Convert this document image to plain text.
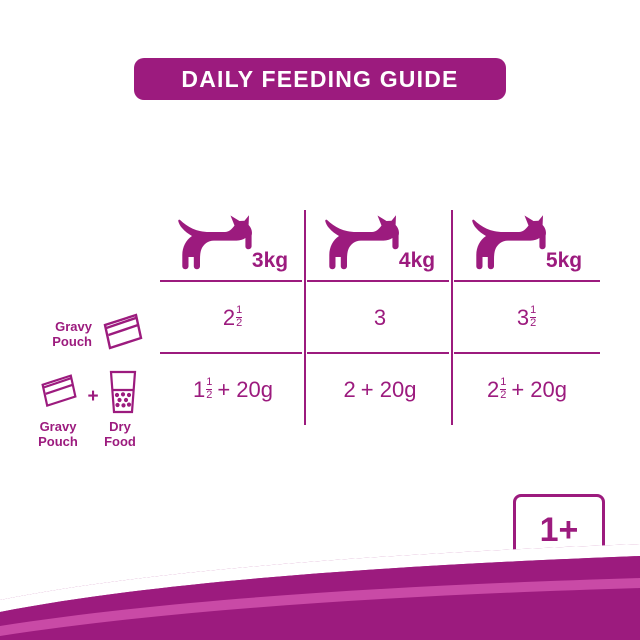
DAILY FEEDING GUIDE
3kg
$2 \frac{1}{2}$
$1 \frac{1}{2} + 20g$
4kg
3
2 + 20g
5kg
$3 \frac{1}{2}$
$2 \frac{1}{2} + 20g$
Gravy
Pouch
+
Gravy
Pouch
Dry
Food
1+
